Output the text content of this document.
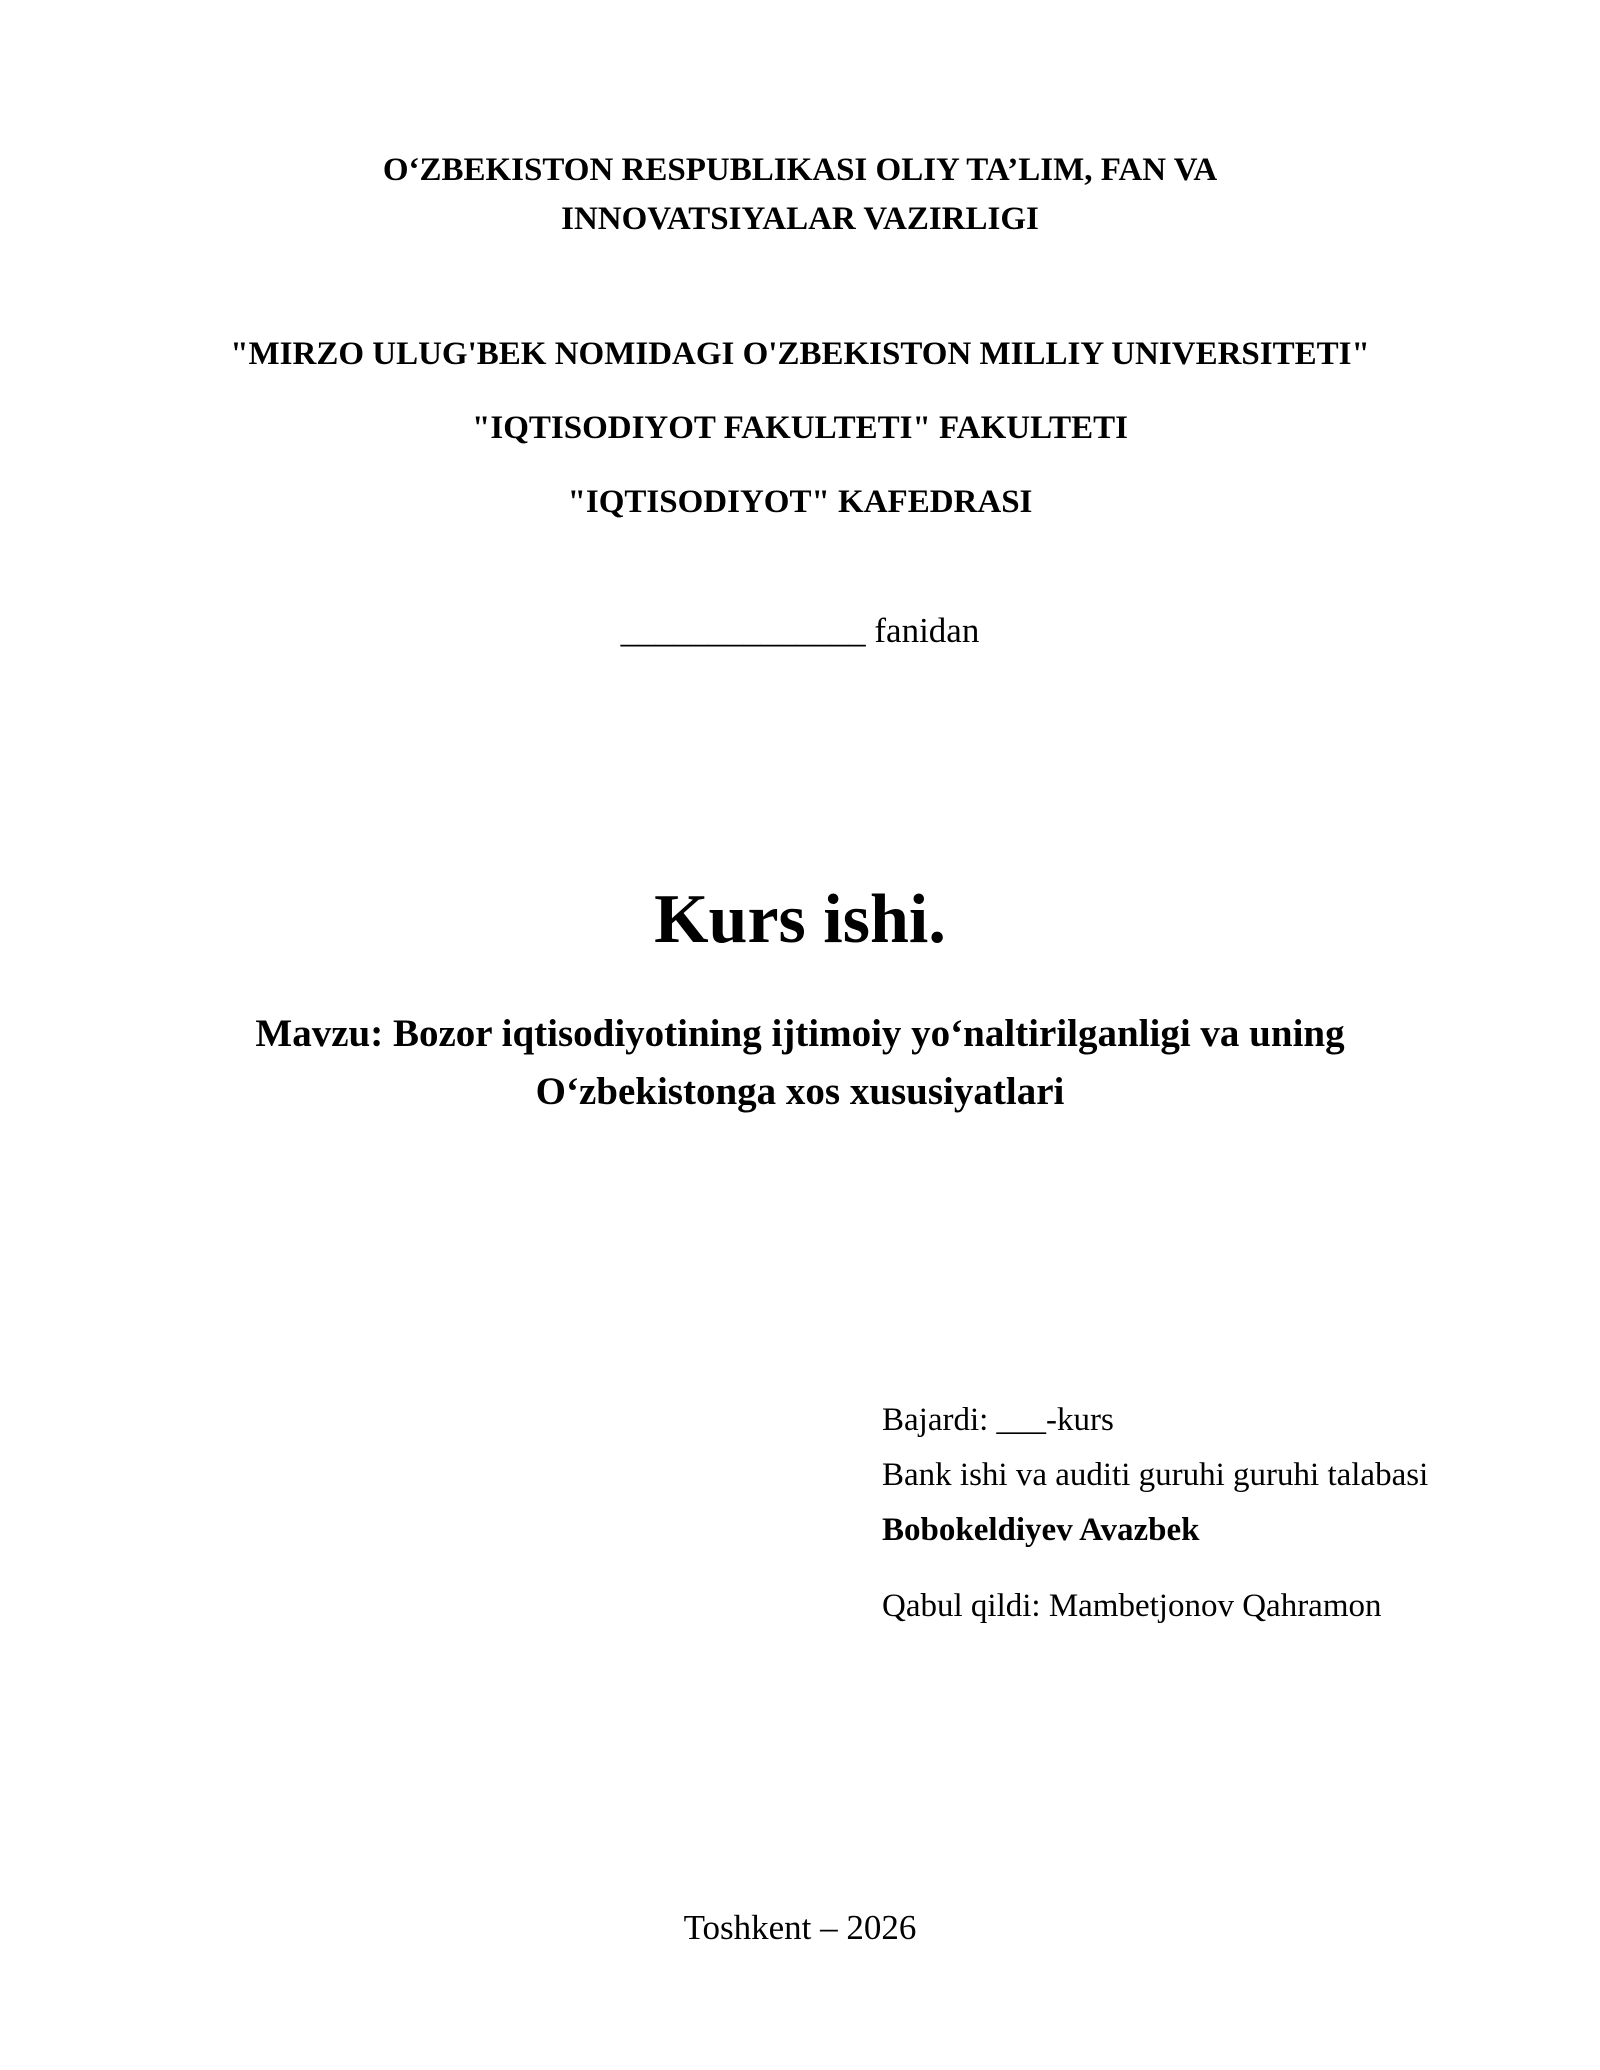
O‘ZBEKISTON RESPUBLIKASI OLIY TA’LIM, FAN VA
INNOVATSIYALAR VAZIRLIGI
"MIRZO ULUG'BEK NOMIDAGI O'ZBEKISTON MILLIY UNIVERSITETI"
"IQTISODIYOT FAKULTETI" FAKULTETI
"IQTISODIYOT" KAFEDRASI
______________ fanidan
Kurs ishi.
Mavzu: Bozor iqtisodiyotining ijtimoiy yo‘naltirilganligi va uning
O‘zbekistonga xos xususiyatlari
Bajardi: ___-kurs
Bank ishi va auditi guruhi guruhi talabasi
Bobokeldiyev Avazbek
Qabul qildi: Mambetjonov Qahramon
Toshkent – 2026
